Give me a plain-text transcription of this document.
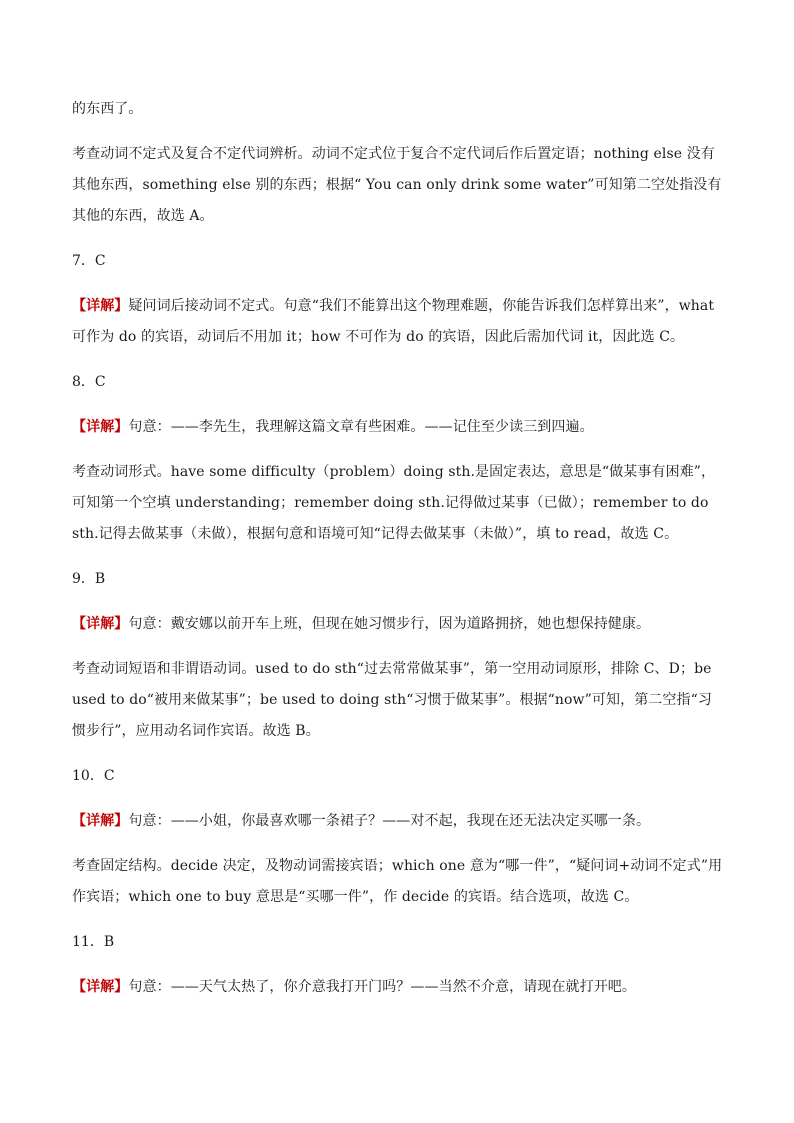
的东西了。

考查动词不定式及复合不定代词辨析。动词不定式位于复合不定代词后作后置定语；nothing else 没有其他东西，something else 别的东西；根据“ You can only drink some water”可知第二空处指没有其他的东西，故选 A。

7．C

【详解】疑问词后接动词不定式。句意“我们不能算出这个物理难题，你能告诉我们怎样算出来”，what 可作为 do 的宾语，动词后不用加 it；how 不可作为 do 的宾语，因此后需加代词 it，因此选 C。

8．C

【详解】句意：——李先生，我理解这篇文章有些困难。——记住至少读三到四遍。

考查动词形式。have some difficulty（problem）doing sth.是固定表达，意思是“做某事有困难”，可知第一个空填 understanding；remember doing sth.记得做过某事（已做）；remember to do sth.记得去做某事（未做），根据句意和语境可知“记得去做某事（未做）”，填 to read，故选 C。

9．B

【详解】句意：戴安娜以前开车上班，但现在她习惯步行，因为道路拥挤，她也想保持健康。

考查动词短语和非谓语动词。used to do sth“过去常常做某事”，第一空用动词原形，排除 C、D；be used to do“被用来做某事”；be used to doing sth“习惯于做某事”。根据“now”可知，第二空指“习惯步行”，应用动名词作宾语。故选 B。

10．C

【详解】句意：——小姐，你最喜欢哪一条裙子？——对不起，我现在还无法决定买哪一条。

考查固定结构。decide 决定，及物动词需接宾语；which one 意为“哪一件”，“疑问词+动词不定式”用作宾语；which one to buy 意思是“买哪一件”，作 decide 的宾语。结合选项，故选 C。

11．B

【详解】句意：——天气太热了，你介意我打开门吗？——当然不介意，请现在就打开吧。
